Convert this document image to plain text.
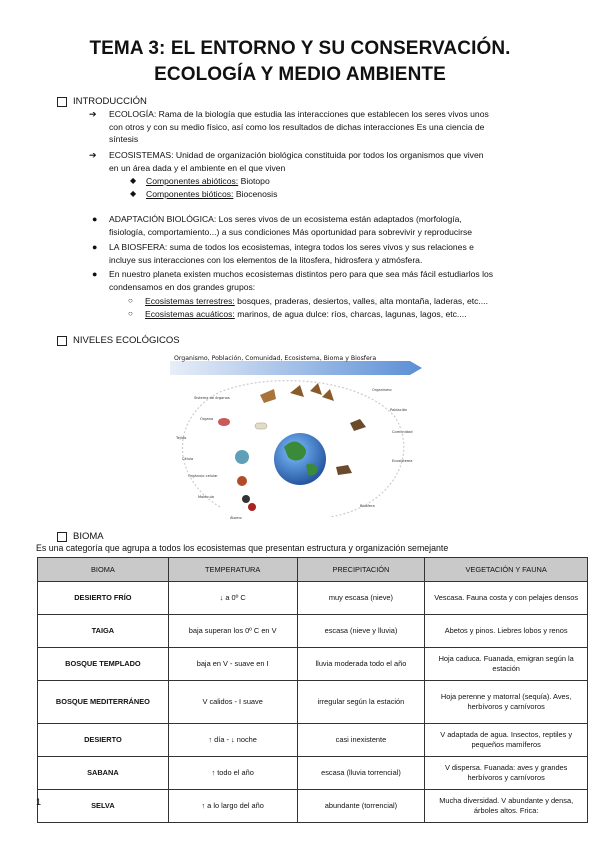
TEMA 3: EL ENTORNO Y SU CONSERVACIÓN.
ECOLOGÍA Y MEDIO AMBIENTE
INTRODUCCIÓN
➔ ECOLOGÍA: Rama de la biología que estudia las interacciones que establecen los seres vivos unos
con otros y con su medio físico, así como los resultados de dichas interacciones Es una ciencia de
síntesis
➔ ECOSISTEMAS: Unidad de organización biológica constituida por todos los organismos que viven
en un área dada y el ambiente en el que viven
◆ Componentes abióticos: Biotopo
◆ Componentes bióticos: Biocenosis
● ADAPTACIÓN BIOLÓGICA: Los seres vivos de un ecosistema están adaptados (morfología,
fisiología, comportamiento...) a sus condiciones Más oportunidad para sobrevivir y reproducirse
● LA BIOSFERA: suma de todos los ecosistemas, integra todos los seres vivos y sus relaciones e
incluye sus interacciones con los elementos de la litosfera, hidrosfera y atmósfera.
● En nuestro planeta existen muchos ecosistemas distintos pero para que sea más fácil estudiarlos los
condensamos en dos grandes grupos:
○ Ecosistemas terrestres: bosques, praderas, desiertos, valles, alta montaña, laderas, etc....
○ Ecosistemas acuáticos: marinos, de agua dulce: ríos, charcas, lagunas, lagos, etc....
NIVELES ECOLÓGICOS
Organismo, Población, Comunidad, Ecosistema, Bioma y Biosfera
Sistema de órganos
Órgano
Tejido
Célula
Orgánulo celular
Molécula
Átomo
Organismo
Población
Comunidad
Ecosistema
Biosfera
BIOMA
Es una categoría que agrupa a todos los ecosistemas que presentan estructura y organización semejante
BIOMA	TEMPERATURA	PRECIPITACIÓN	VEGETACIÓN Y FAUNA
DESIERTO FRÍO	↓ a 0º C	muy escasa (nieve)	Vescasa. Fauna costa y con pelajes densos
TAIGA	baja superan los 0º C en V	escasa (nieve y lluvia)	Abetos y pinos. Liebres lobos y renos
BOSQUE TEMPLADO	baja en V - suave en I	lluvia moderada todo el año	Hoja caduca. Fuanada, emigran según la estación
BOSQUE MEDITERRÁNEO	V calidos - I suave	irregular según la estación	Hoja perenne y matorral (sequía). Aves, herbívoros y carnívoros
DESIERTO	↑ día - ↓ noche	casi inexistente	V adaptada de agua. Insectos, reptiles y pequeños mamíferos
SABANA	↑ todo el año	escasa (lluvia torrencial)	V dispersa. Fuanada: aves y grandes herbívoros y carnívoros
SELVA	↑ a lo largo del año	abundante (torrencial)	Mucha diversidad. V abundante y densa, árboles altos. Frica:
1
